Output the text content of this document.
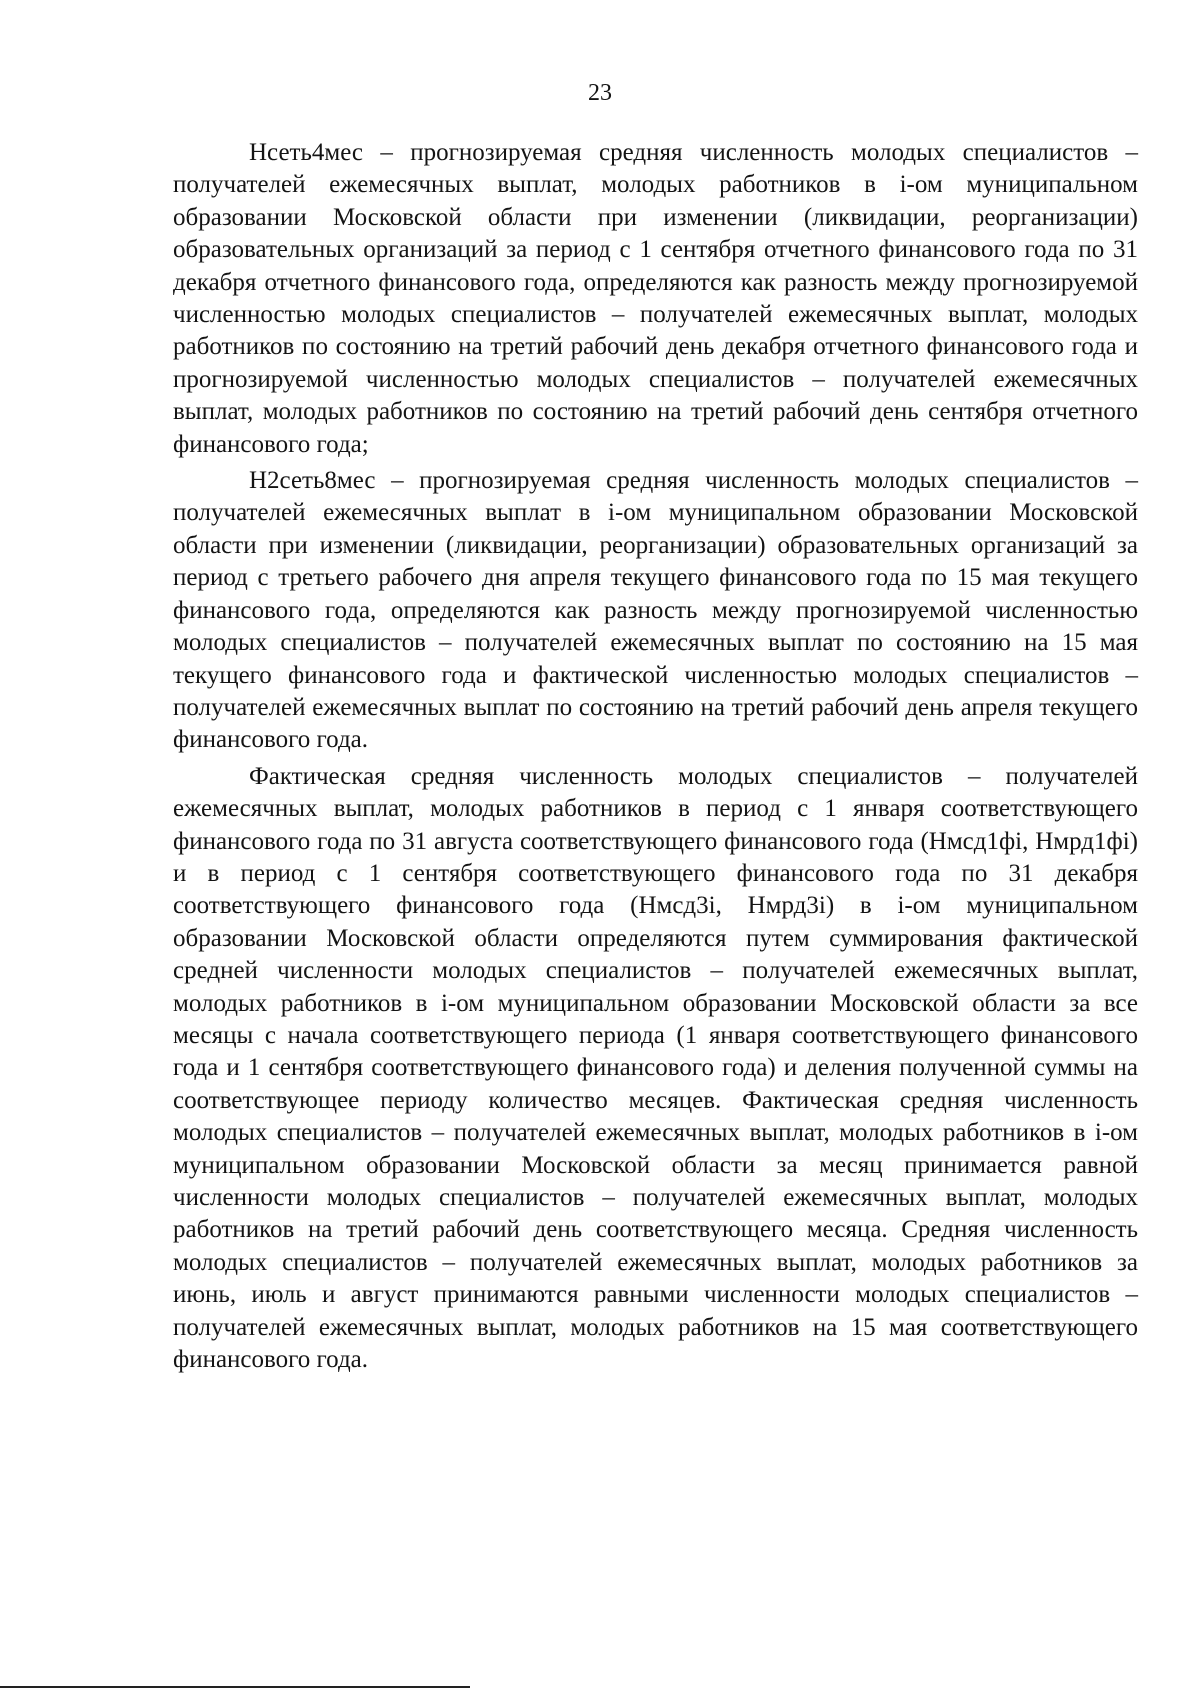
23

Нсеть4мес – прогнозируемая средняя численность молодых специалистов – получателей ежемесячных выплат, молодых работников в i-ом муниципальном образовании Московской области при изменении (ликвидации, реорганизации) образовательных организаций за период с 1 сентября отчетного финансового года по 31 декабря отчетного финансового года, определяются как разность между прогнозируемой численностью молодых специалистов – получателей ежемесячных выплат, молодых работников по состоянию на третий рабочий день декабря отчетного финансового года и прогнозируемой численностью молодых специалистов – получателей ежемесячных выплат, молодых работников по состоянию на третий рабочий день сентября отчетного финансового года;

Н2сеть8мес – прогнозируемая средняя численность молодых специалистов – получателей ежемесячных выплат в i-ом муниципальном образовании Московской области при изменении (ликвидации, реорганизации) образовательных организаций за период с третьего рабочего дня апреля текущего финансового года по 15 мая текущего финансового года, определяются как разность между прогнозируемой численностью молодых специалистов – получателей ежемесячных выплат по состоянию на 15 мая текущего финансового года и фактической численностью молодых специалистов – получателей ежемесячных выплат по состоянию на третий рабочий день апреля текущего финансового года.

Фактическая средняя численность молодых специалистов – получателей ежемесячных выплат, молодых работников в период с 1 января соответствующего финансового года по 31 августа соответствующего финансового года (Нмсд1фi, Нмрд1фi) и в период с 1 сентября соответствующего финансового года по 31 декабря соответствующего финансового года (Нмсд3i, Нмрд3i) в i-ом муниципальном образовании Московской области определяются путем суммирования фактической средней численности молодых специалистов – получателей ежемесячных выплат, молодых работников в i-ом муниципальном образовании Московской области за все месяцы с начала соответствующего периода (1 января соответствующего финансового года и 1 сентября соответствующего финансового года) и деления полученной суммы на соответствующее периоду количество месяцев. Фактическая средняя численность молодых специалистов – получателей ежемесячных выплат, молодых работников в i-ом муниципальном образовании Московской области за месяц принимается равной численности молодых специалистов – получателей ежемесячных выплат, молодых работников на третий рабочий день соответствующего месяца. Средняя численность молодых специалистов – получателей ежемесячных выплат, молодых работников за июнь, июль и август принимаются равными численности молодых специалистов – получателей ежемесячных выплат, молодых работников на 15 мая соответствующего финансового года.
